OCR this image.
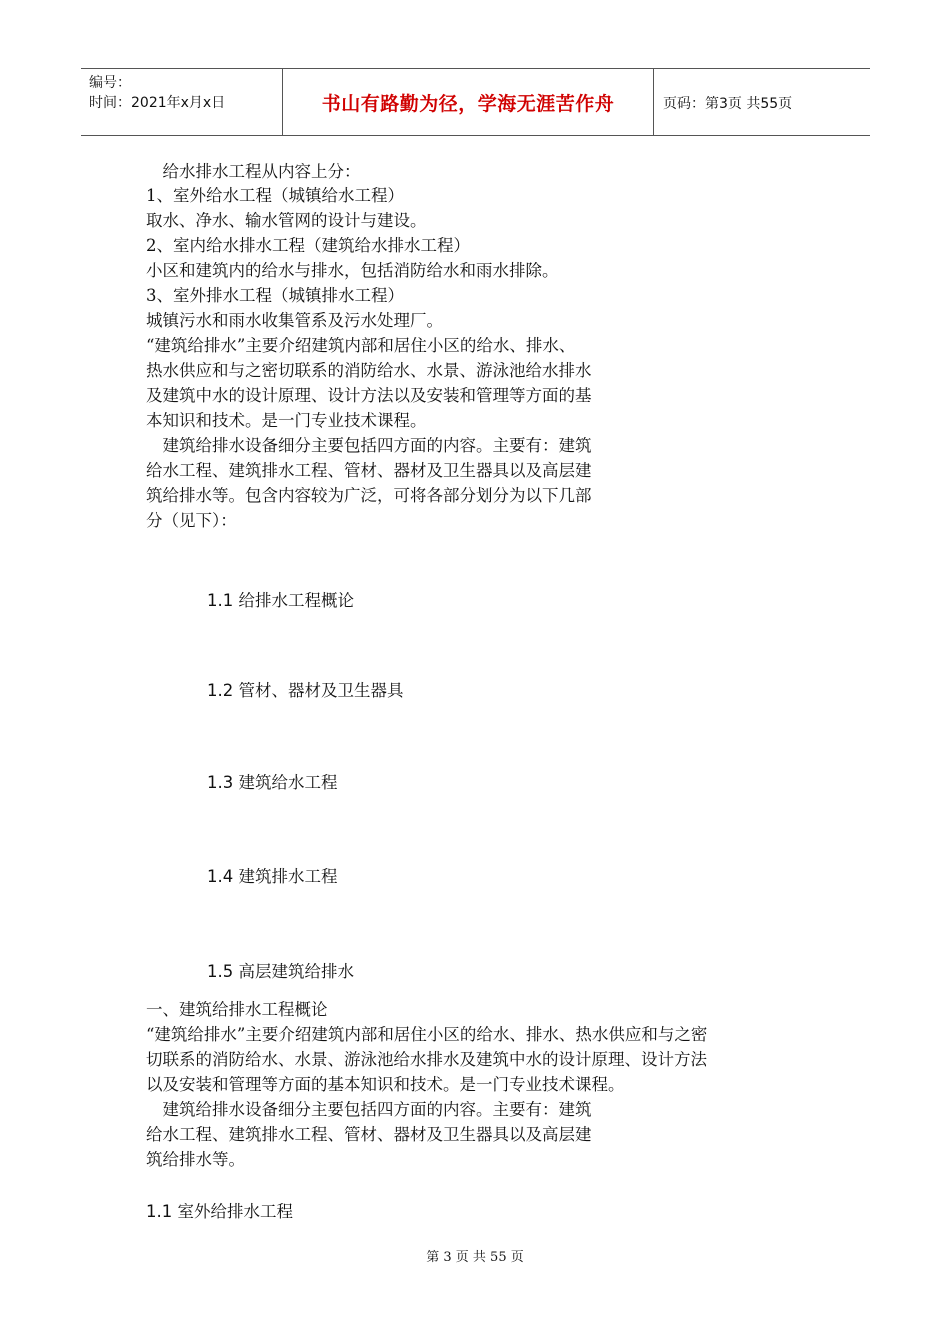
编号：
时间：2021年x月x日	书山有路勤为径，学海无涯苦作舟	页码：第3页 共55页
　给水排水工程从内容上分：
1、室外给水工程（城镇给水工程）
取水、净水、输水管网的设计与建设。
2、室内给水排水工程（建筑给水排水工程）
小区和建筑内的给水与排水，包括消防给水和雨水排除。
3、室外排水工程（城镇排水工程）
城镇污水和雨水收集管系及污水处理厂。
“建筑给排水”主要介绍建筑内部和居住小区的给水、排水、
热水供应和与之密切联系的消防给水、水景、游泳池给水排水
及建筑中水的设计原理、设计方法以及安装和管理等方面的基
本知识和技术。是一门专业技术课程。
　建筑给排水设备细分主要包括四方面的内容。主要有：建筑
给水工程、建筑排水工程、管材、器材及卫生器具以及高层建
筑给排水等。包含内容较为广泛，可将各部分划分为以下几部
分（见下）：
1.1 给排水工程概论
1.2 管材、器材及卫生器具
1.3 建筑给水工程
1.4 建筑排水工程
1.5 高层建筑给排水
一、建筑给排水工程概论
“建筑给排水”主要介绍建筑内部和居住小区的给水、排水、热水供应和与之密
切联系的消防给水、水景、游泳池给水排水及建筑中水的设计原理、设计方法
以及安装和管理等方面的基本知识和技术。是一门专业技术课程。
　建筑给排水设备细分主要包括四方面的内容。主要有：建筑
给水工程、建筑排水工程、管材、器材及卫生器具以及高层建
筑给排水等。
1.1 室外给排水工程
第 3 页 共 55 页
